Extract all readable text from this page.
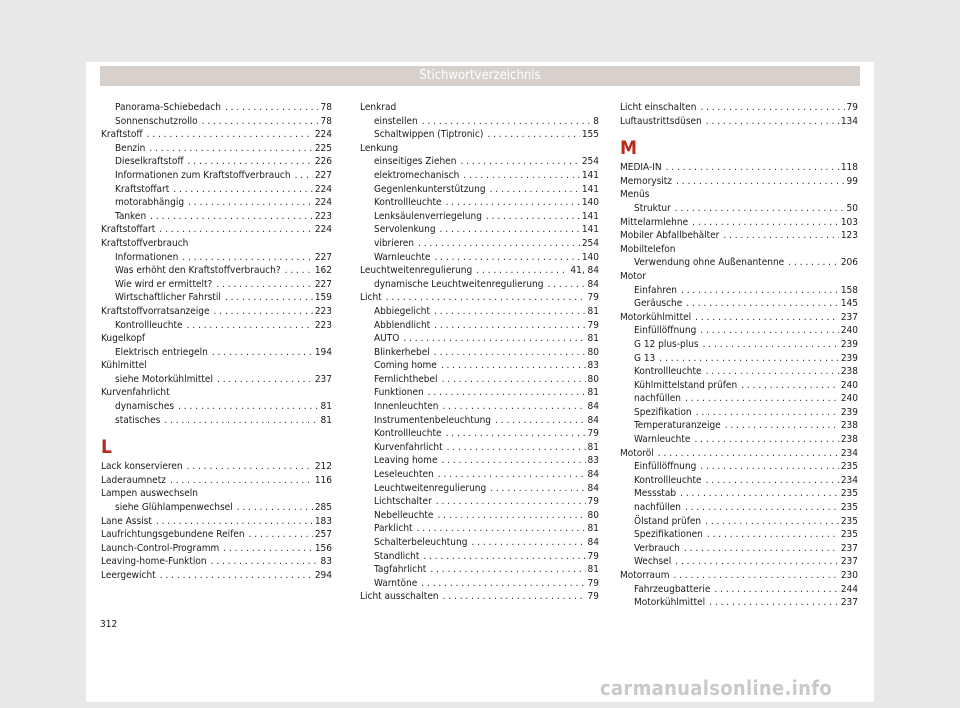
Stichwortverzeichnis
Panorama-Schiebedach . . .	78
Sonnenschutzrollo . . .	78
Kraftstoff . . .	224
Benzin . . .	225
Dieselkraftstoff . . .	226
Informationen zum Kraftstoffverbrauch . . . 227
Kraftstoffart . . .	224
motorabhängig . . .	224
Tanken . . .	223
Kraftstoffart . . .	224
Kraftstoffverbrauch
Informationen . . .	227
Was erhöht den Kraftstoffverbrauch? . . .	162
Wie wird er ermittelt? . . .	227
Wirtschaftlicher Fahrstil . . .	159
Kraftstoffvorratsanzeige . . .	223
Kontrollleuchte . . .	223
Kugelkopf
Elektrisch entriegeln . . .	194
Kühlmittel
siehe Motorkühlmittel . . .	237
Kurvenfahrlicht
dynamisches . . .	81
statisches . . .	81
L
Lack konservieren . . .	212
Laderaumnetz . . .	116
Lampen auswechseln
siehe Glühlampenwechsel . . .	285
Lane Assist . . .	183
Laufrichtungsgebundene Reifen . . .	257
Launch-Control-Programm . . .	156
Leaving-home-Funktion . . .	83
Leergewicht . . .	294
Lenkrad
einstellen . . .	8
Schaltwippen (Tiptronic) . . .	155
Lenkung
einseitiges Ziehen . . .	254
elektromechanisch . . .	141
Gegenlenkunterstützung . . .	141
Kontrollleuchte . . .	140
Lenksäulenverriegelung . . .	141
Servolenkung . . .	141
vibrieren . . .	254
Warnleuchte . . .	140
Leuchtweitenregulierung . . .	41, 84
dynamische Leuchtweitenregulierung . . .	84
Licht . . .	79
Abbiegelicht . . .	81
Abblendlicht . . .	79
AUTO . . .	81
Blinkerhebel . . .	80
Coming home . . .	83
Fernlichthebel . . .	80
Funktionen . . .	81
Innenleuchten . . .	84
Instrumentenbeleuchtung . . .	84
Kontrollleuchte . . .	79
Kurvenfahrlicht . . .	81
Leaving home . . .	83
Leseleuchten . . .	84
Leuchtweitenregulierung . . .	84
Lichtschalter . . .	79
Nebelleuchte . . .	80
Parklicht . . .	81
Schalterbeleuchtung . . .	84
Standlicht . . .	79
Tagfahrlicht . . .	81
Warntöne . . .	79
Licht ausschalten . . .	79
Licht einschalten . . .	79
Luftaustrittsdüsen . . .	134
M
MEDIA-IN . . .	118
Memorysitz . . .	99
Menüs
Struktur . . .	50
Mittelarmlehne . . .	103
Mobiler Abfallbehälter . . .	123
Mobiltelefon
Verwendung ohne Außenantenne . . .	206
Motor
Einfahren . . .	158
Geräusche . . .	145
Motorkühlmittel . . .	237
Einfüllöffnung . . .	240
G 12 plus-plus . . .	239
G 13 . . .	239
Kontrollleuchte . . .	238
Kühlmittelstand prüfen . . .	240
nachfüllen . . .	240
Spezifikation . . .	239
Temperaturanzeige . . .	238
Warnleuchte . . .	238
Motoröl . . .	234
Einfüllöffnung . . .	235
Kontrollleuchte . . .	234
Messstab . . .	235
nachfüllen . . .	235
Ölstand prüfen . . .	235
Spezifikationen . . .	235
Verbrauch . . .	237
Wechsel . . .	237
Motorraum . . .	230
Fahrzeugbatterie . . .	244
Motorkühlmittel . . .	237
312
carmanualsonline.info
